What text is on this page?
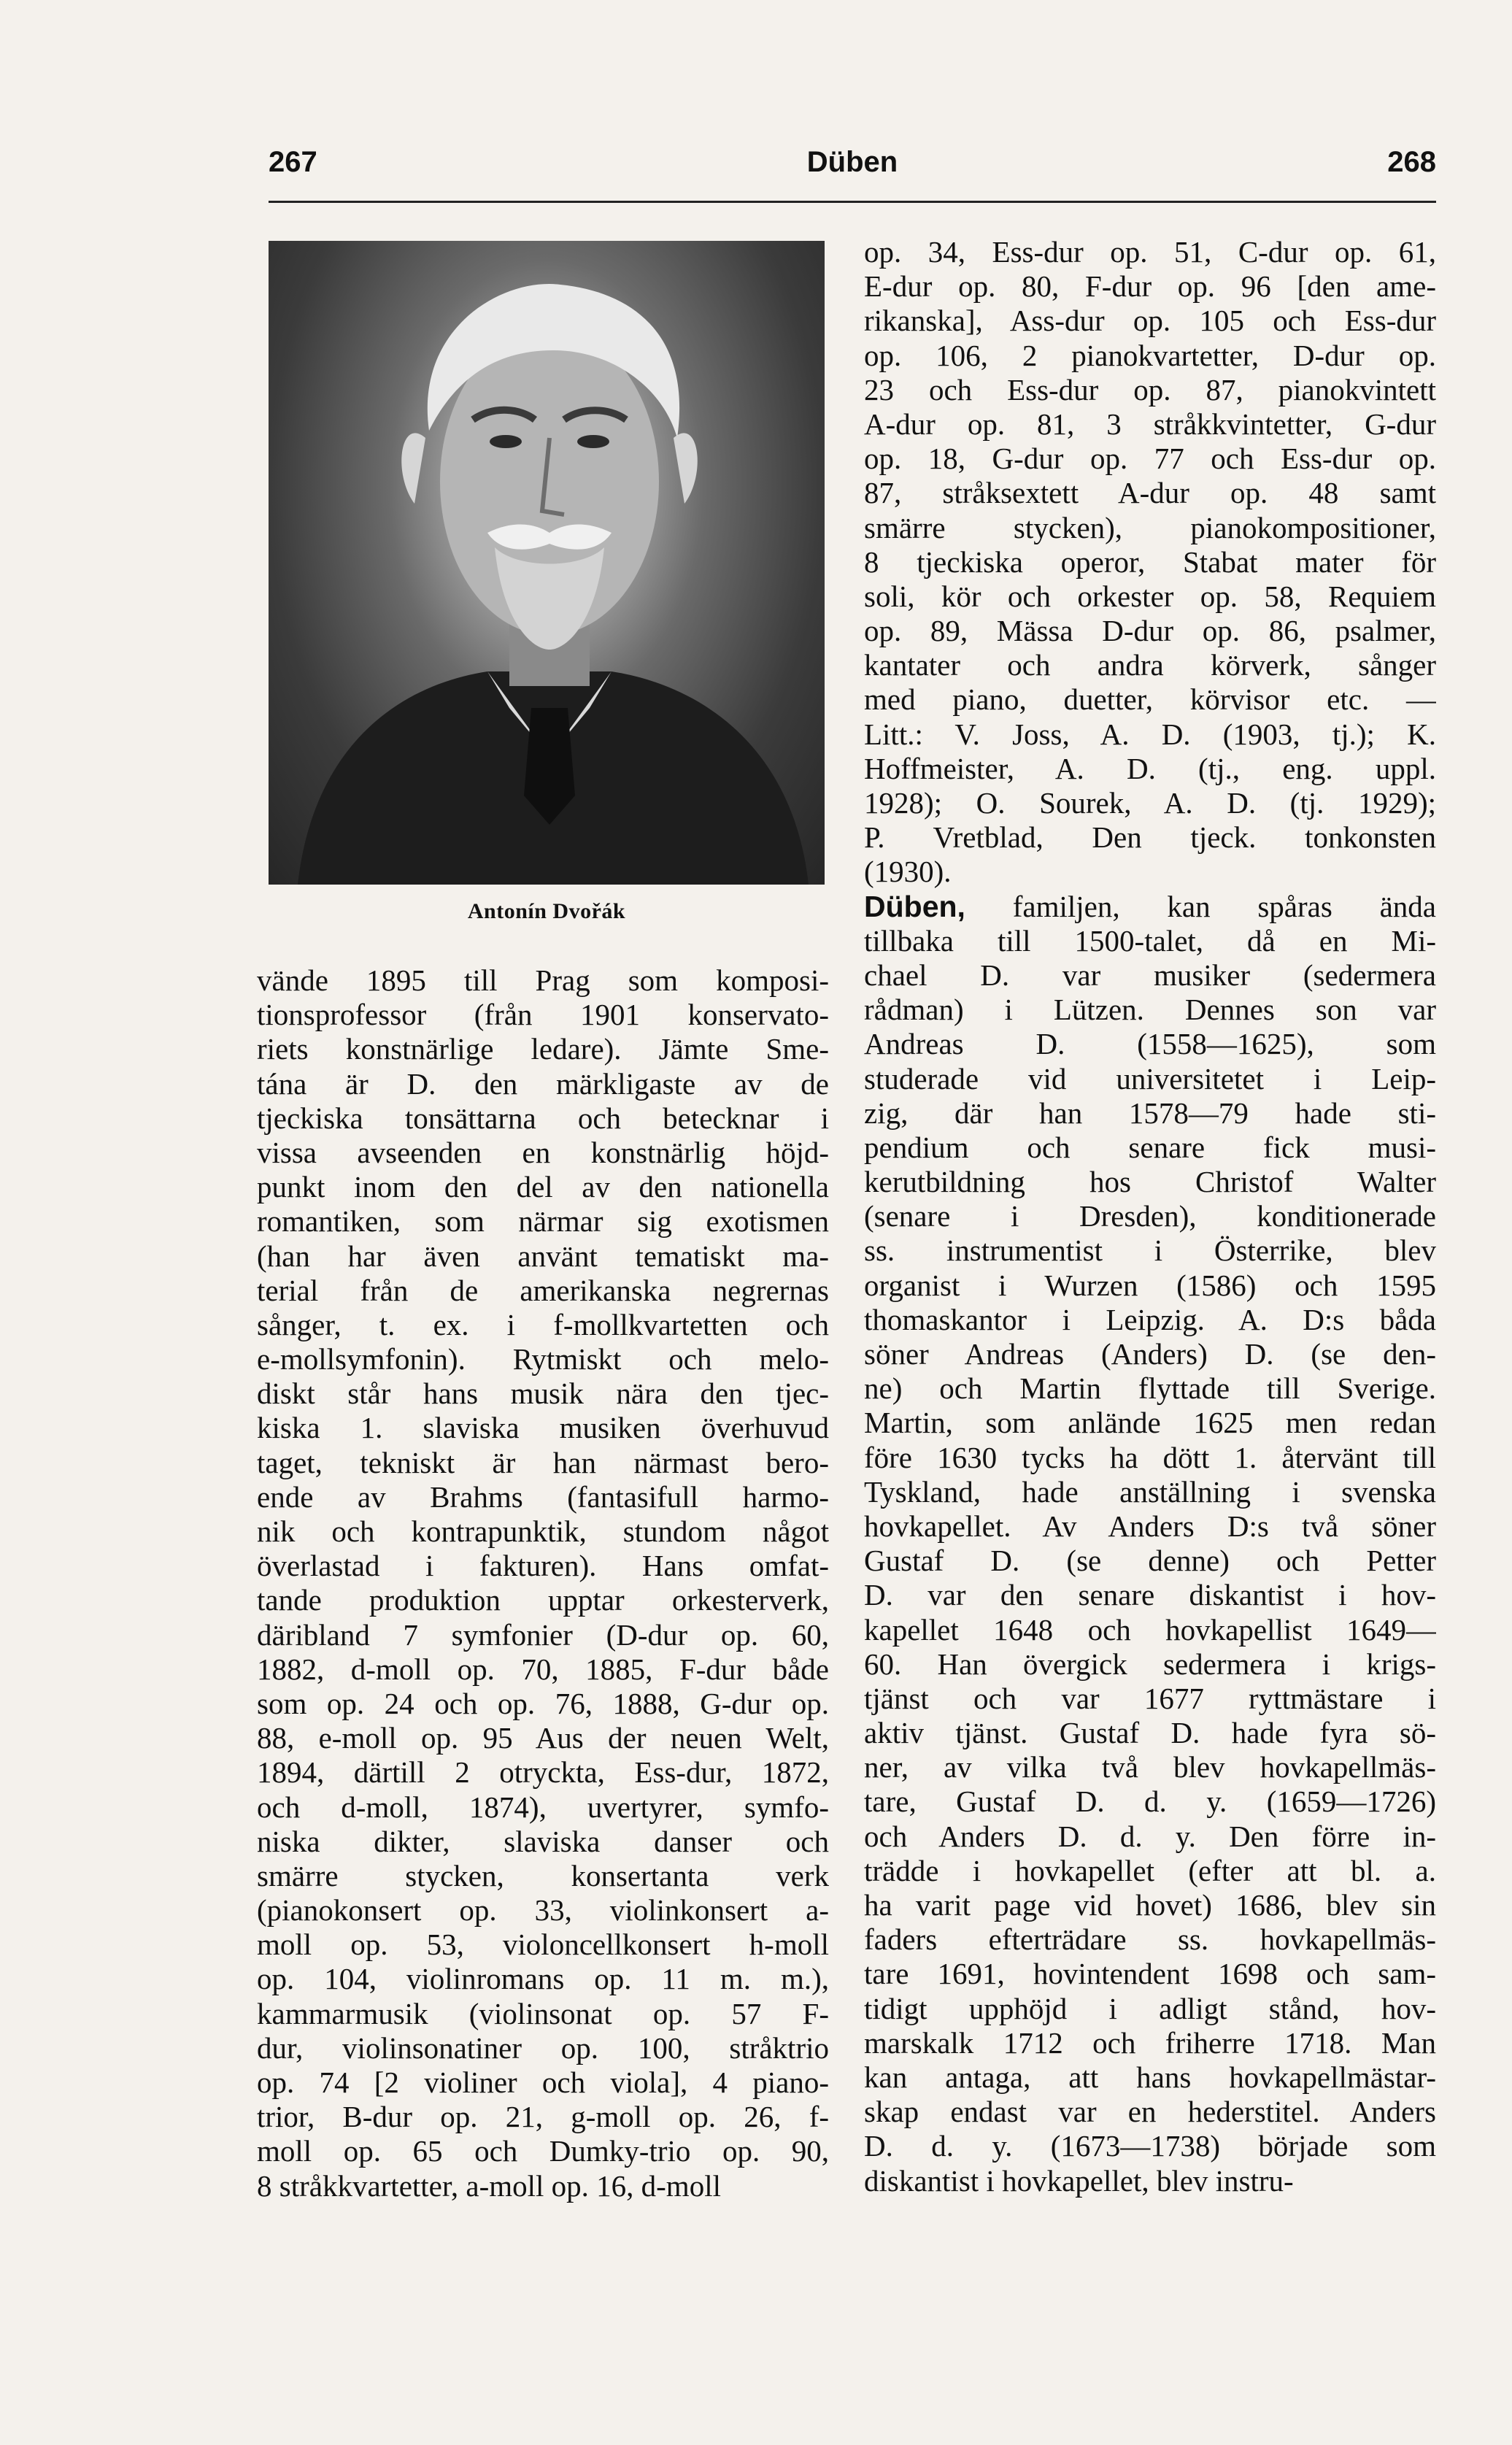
267	Düben	268
Antonín Dvořák
vände 1895 till Prag som komposi-
tionsprofessor (från 1901 konservato-
riets konstnärlige ledare). Jämte Sme-
tána är D. den märkligaste av de
tjeckiska tonsättarna och betecknar i
vissa avseenden en konstnärlig höjd-
punkt inom den del av den nationella
romantiken, som närmar sig exotismen
(han har även använt tematiskt ma-
terial från de amerikanska negrernas
sånger, t. ex. i f-mollkvartetten och
e-mollsymfonin). Rytmiskt och melo-
diskt står hans musik nära den tjec-
kiska 1. slaviska musiken överhuvud
taget, tekniskt är han närmast bero-
ende av Brahms (fantasifull harmo-
nik och kontrapunktik, stundom något
överlastad i fakturen). Hans omfat-
tande produktion upptar orkesterverk,
däribland 7 symfonier (D-dur op. 60,
1882, d-moll op. 70, 1885, F-dur både
som op. 24 och op. 76, 1888, G-dur op.
88, e-moll op. 95 Aus der neuen Welt,
1894, därtill 2 otryckta, Ess-dur, 1872,
och d-moll, 1874), uvertyrer, symfo-
niska dikter, slaviska danser och
smärre stycken, konsertanta verk
(pianokonsert op. 33, violinkonsert a-
moll op. 53, violoncellkonsert h-moll
op. 104, violinromans op. 11 m. m.),
kammarmusik (violinsonat op. 57 F-
dur, violinsonatiner op. 100, stråktrio
op. 74 [2 violiner och viola], 4 piano-
trior, B-dur op. 21, g-moll op. 26, f-
moll op. 65 och Dumky-trio op. 90,
8 stråkkvartetter, a-moll op. 16, d-moll
op. 34, Ess-dur op. 51, C-dur op. 61,
E-dur op. 80, F-dur op. 96 [den ame-
rikanska], Ass-dur op. 105 och Ess-dur
op. 106, 2 pianokvartetter, D-dur op.
23 och Ess-dur op. 87, pianokvintett
A-dur op. 81, 3 stråkkvintetter, G-dur
op. 18, G-dur op. 77 och Ess-dur op.
87, stråksextett A-dur op. 48 samt
smärre stycken), pianokompositioner,
8 tjeckiska operor, Stabat mater för
soli, kör och orkester op. 58, Requiem
op. 89, Mässa D-dur op. 86, psalmer,
kantater och andra körverk, sånger
med piano, duetter, körvisor etc. —
Litt.: V. Joss, A. D. (1903, tj.); K.
Hoffmeister, A. D. (tj., eng. uppl.
1928); O. Sourek, A. D. (tj. 1929);
P. Vretblad, Den tjeck. tonkonsten
(1930).
Düben, familjen, kan spåras ända
tillbaka till 1500-talet, då en Mi-
chael D. var musiker (sedermera
rådman) i Lützen. Dennes son var
Andreas D. (1558—1625), som
studerade vid universitetet i Leip-
zig, där han 1578—79 hade sti-
pendium och senare fick musi-
kerutbildning hos Christof Walter
(senare i Dresden), konditionerade
ss. instrumentist i Österrike, blev
organist i Wurzen (1586) och 1595
thomaskantor i Leipzig. A. D:s båda
söner Andreas (Anders) D. (se den-
ne) och Martin flyttade till Sverige.
Martin, som anlände 1625 men redan
före 1630 tycks ha dött 1. återvänt till
Tyskland, hade anställning i svenska
hovkapellet. Av Anders D:s två söner
Gustaf D. (se denne) och Petter
D. var den senare diskantist i hov-
kapellet 1648 och hovkapellist 1649—
60. Han övergick sedermera i krigs-
tjänst och var 1677 ryttmästare i
aktiv tjänst. Gustaf D. hade fyra sö-
ner, av vilka två blev hovkapellmäs-
tare, Gustaf D. d. y. (1659—1726)
och Anders D. d. y. Den förre in-
trädde i hovkapellet (efter att bl. a.
ha varit page vid hovet) 1686, blev sin
faders efterträdare ss. hovkapellmäs-
tare 1691, hovintendent 1698 och sam-
tidigt upphöjd i adligt stånd, hov-
marskalk 1712 och friherre 1718. Man
kan antaga, att hans hovkapellmästar-
skap endast var en hederstitel. Anders
D. d. y. (1673—1738) började som
diskantist i hovkapellet, blev instru-
